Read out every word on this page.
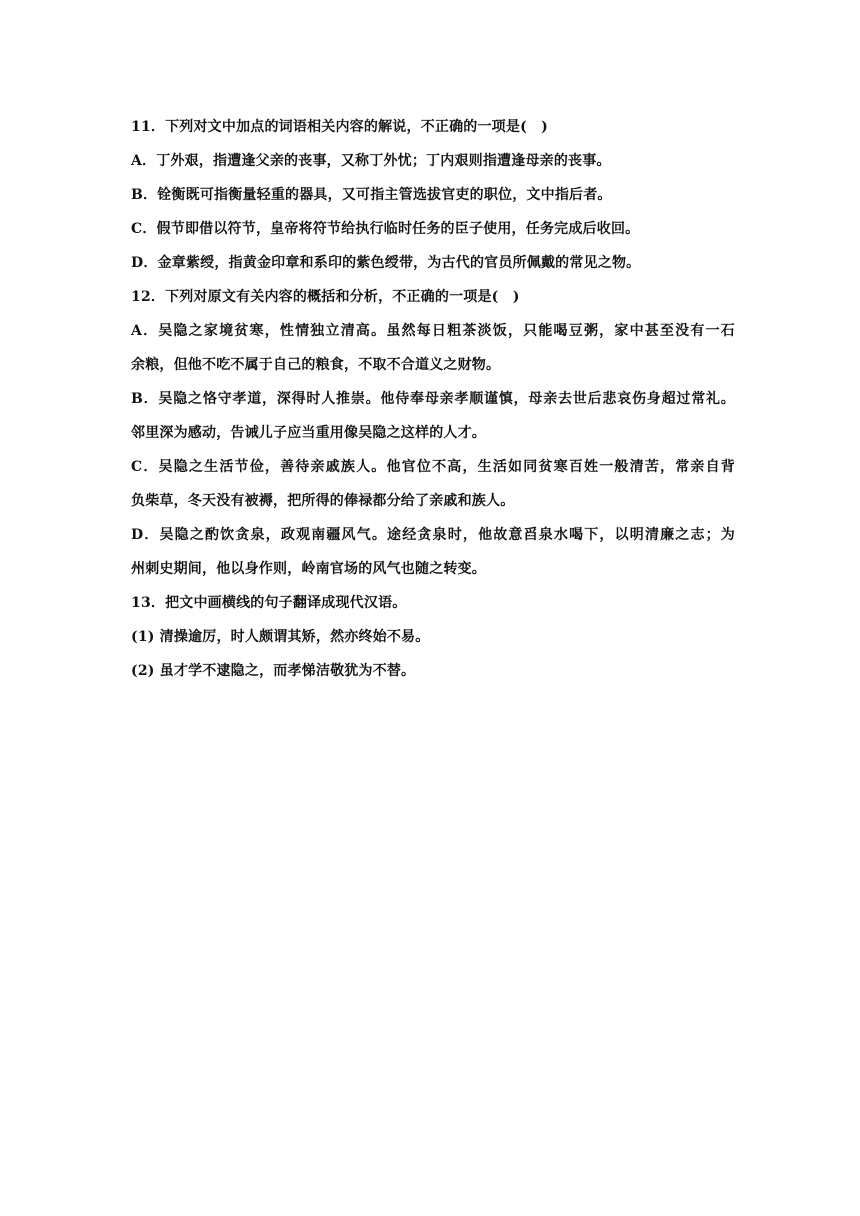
11．下列对文中加点的词语相关内容的解说，不正确的一项是(　)
A．丁外艰，指遭逢父亲的丧事，又称丁外忧；丁内艰则指遭逢母亲的丧事。
B．铨衡既可指衡量轻重的器具，又可指主管选拔官吏的职位，文中指后者。
C．假节即借以符节，皇帝将符节给执行临时任务的臣子使用，任务完成后收回。
D．金章紫绶，指黄金印章和系印的紫色绶带，为古代的官员所佩戴的常见之物。
12．下列对原文有关内容的概括和分析，不正确的一项是(　)
A．吴隐之家境贫寒，性情独立清高。虽然每日粗茶淡饭，只能喝豆粥，家中甚至没有一石
余粮，但他不吃不属于自己的粮食，不取不合道义之财物。
B．吴隐之恪守孝道，深得时人推崇。他侍奉母亲孝顺谨慎，母亲去世后悲哀伤身超过常礼。
邻里深为感动，告诫儿子应当重用像吴隐之这样的人才。
C．吴隐之生活节俭，善待亲戚族人。他官位不高，生活如同贫寒百姓一般清苦，常亲自背
负柴草，冬天没有被褥，把所得的俸禄都分给了亲戚和族人。
D．吴隐之酌饮贪泉，政观南疆风气。途经贪泉时，他故意舀泉水喝下，以明清廉之志；为
州刺史期间，他以身作则，岭南官场的风气也随之转变。
13．把文中画横线的句子翻译成现代汉语。
(1) 清操逾厉，时人颇谓其矫，然亦终始不易。
(2) 虽才学不逮隐之，而孝悌洁敬犹为不替。
